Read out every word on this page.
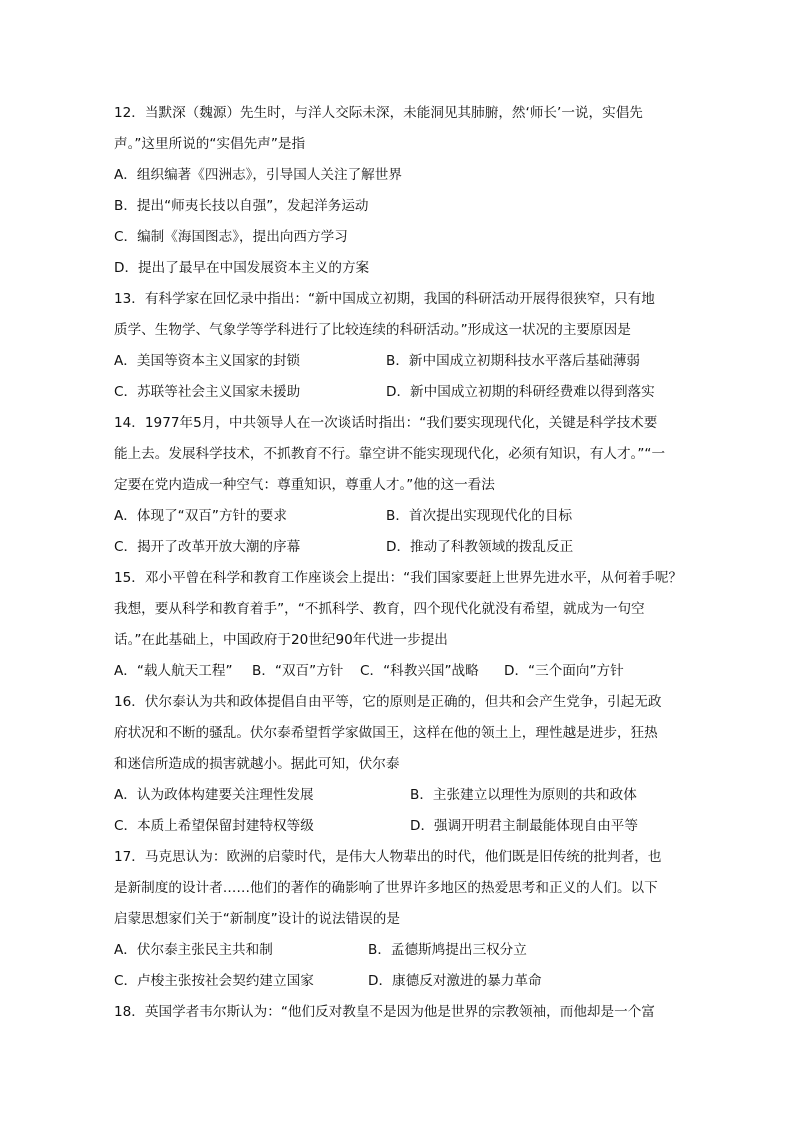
12．当默深（魏源）先生时，与洋人交际未深，未能洞见其肺腑，然‘师长’一说，实倡先
声。”这里所说的“实倡先声”是指
A．组织编著《四洲志》，引导国人关注了解世界
B．提出“师夷长技以自强”，发起洋务运动
C．编制《海国图志》，提出向西方学习
D．提出了最早在中国发展资本主义的方案
13．有科学家在回忆录中指出：“新中国成立初期，我国的科研活动开展得很狭窄，只有地
质学、生物学、气象学等学科进行了比较连续的科研活动。”形成这一状况的主要原因是
A．美国等资本主义国家的封锁	B．新中国成立初期科技水平落后基础薄弱
C．苏联等社会主义国家未援助	D．新中国成立初期的科研经费难以得到落实
14．1977年5月，中共领导人在一次谈话时指出：“我们要实现现代化，关键是科学技术要
能上去。发展科学技术，不抓教育不行。靠空讲不能实现现代化，必须有知识，有人才。”“一
定要在党内造成一种空气：尊重知识，尊重人才。”他的这一看法
A．体现了“双百”方针的要求	B．首次提出实现现代化的目标
C．揭开了改革开放大潮的序幕	D．推动了科教领域的拨乱反正
15．邓小平曾在科学和教育工作座谈会上提出：“我们国家要赶上世界先进水平，从何着手呢？
我想，要从科学和教育着手”，“不抓科学、教育，四个现代化就没有希望，就成为一句空
话。”在此基础上，中国政府于20世纪90年代进一步提出
A．“载人航天工程” B．“双百”方针 C．“科教兴国”战略 D．“三个面向”方针
16．伏尔泰认为共和政体提倡自由平等，它的原则是正确的，但共和会产生党争，引起无政
府状况和不断的骚乱。伏尔泰希望哲学家做国王，这样在他的领土上，理性越是进步，狂热
和迷信所造成的损害就越小。据此可知，伏尔泰
A．认为政体构建要关注理性发展	B．主张建立以理性为原则的共和政体
C．本质上希望保留封建特权等级	D．强调开明君主制最能体现自由平等
17．马克思认为：欧洲的启蒙时代，是伟大人物辈出的时代，他们既是旧传统的批判者，也
是新制度的设计者……他们的著作的确影响了世界许多地区的热爱思考和正义的人们。以下
启蒙思想家们关于“新制度”设计的说法错误的是
A．伏尔泰主张民主共和制	B．孟德斯鸠提出三权分立
C．卢梭主张按社会契约建立国家	D．康德反对激进的暴力革命
18．英国学者韦尔斯认为：“他们反对教皇不是因为他是世界的宗教领袖，而他却是一个富
